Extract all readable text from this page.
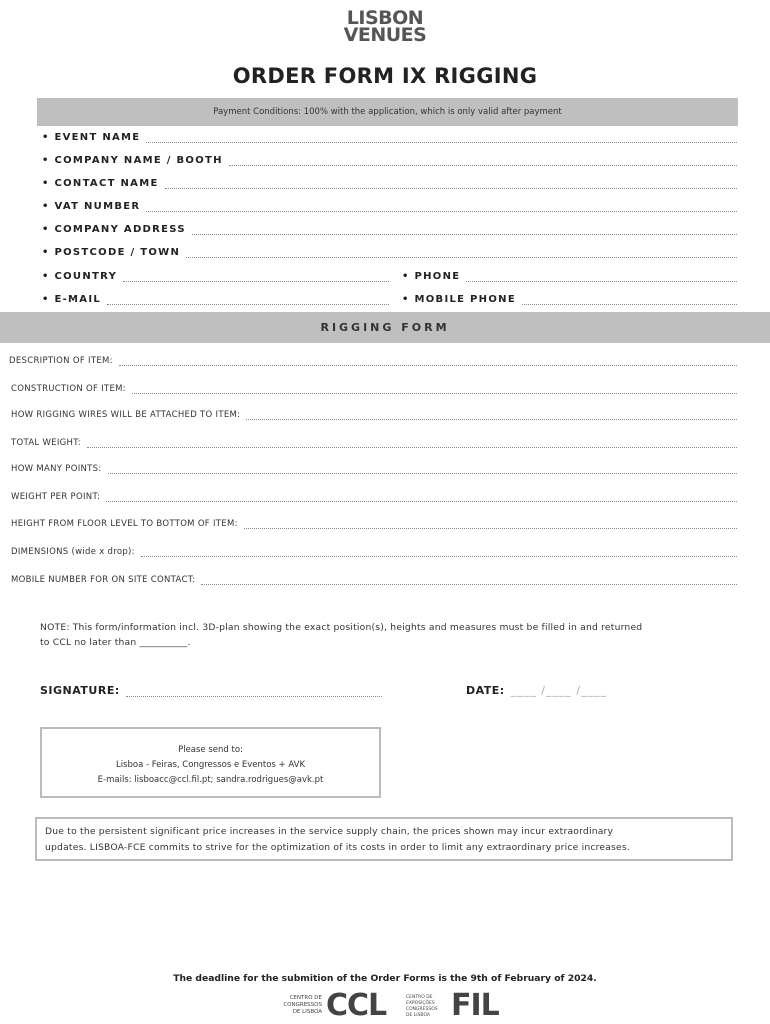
LISBON
VENUES
ORDER FORM IX RIGGING
Payment Conditions: 100% with the application, which is only valid after payment
• EVENT NAME
• COMPANY NAME / BOOTH
• CONTACT NAME
• VAT NUMBER
• COMPANY ADDRESS
• POSTCODE / TOWN
• COUNTRY	• PHONE
• E-MAIL	• MOBILE PHONE
RIGGING FORM
DESCRIPTION OF ITEM:
CONSTRUCTION OF ITEM:
HOW RIGGING WIRES WILL BE ATTACHED TO ITEM:
TOTAL WEIGHT:
HOW MANY POINTS:
WEIGHT PER POINT:
HEIGHT FROM FLOOR LEVEL TO BOTTOM OF ITEM:
DIMENSIONS (wide x drop):
MOBILE NUMBER FOR ON SITE CONTACT:
NOTE: This form/information incl. 3D-plan showing the exact position(s), heights and measures must be filled in and returned
to CCL no later than __________.
SIGNATURE:	DATE: ____ /____ /____
Please send to:
Lisboa - Feiras, Congressos e Eventos + AVK
E-mails: lisboacc@ccl.fil.pt; sandra.rodrigues@avk.pt
Due to the persistent significant price increases in the service supply chain, the prices shown may incur extraordinary
updates. LISBOA-FCE commits to strive for the optimization of its costs in order to limit any extraordinary price increases.
The deadline for the submition of the Order Forms is the 9th of February of 2024.
CENTRO DE
CONGRESSOS
DE LISBOA CCL	CENTRO DE
EXPOSIÇÕES
CONGRESSOS
DE LISBOA FIL
